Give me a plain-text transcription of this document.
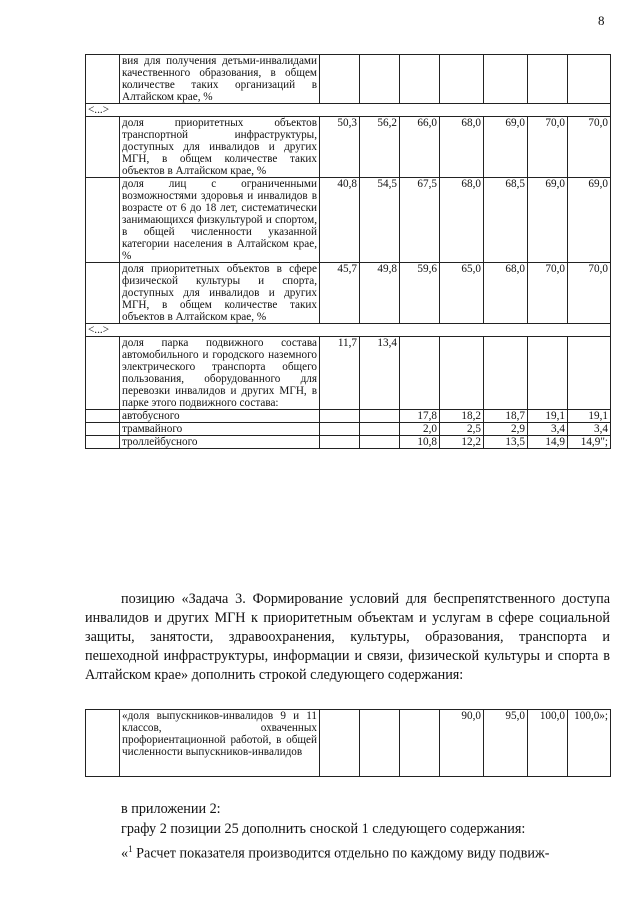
8
	вия для получения детьми-инвалидами качественного образования, в общем количестве таких организаций в Алтайском крае, %							
<...>								
	доля приоритетных объектов транспортной инфраструктуры, доступных для инвалидов и других МГН, в общем количестве таких объектов в Алтайском крае, %	50,3	56,2	66,0	68,0	69,0	70,0	70,0
	доля лиц с ограниченными возможностями здоровья и инвалидов в возрасте от 6 до 18 лет, систематически занимающихся физкультурой и спортом, в общей численности указанной категории населения в Алтайском крае, %	40,8	54,5	67,5	68,0	68,5	69,0	69,0
	доля приоритетных объектов в сфере физической культуры и спорта, доступных для инвалидов и других МГН, в общем количестве таких объектов в Алтайском крае, %	45,7	49,8	59,6	65,0	68,0	70,0	70,0
<...>								
	доля парка подвижного состава автомобильного и городского наземного электрического транспорта общего пользования, оборудованного для перевозки инвалидов и других МГН, в парке этого подвижного состава:	11,7	13,4					
	автобусного			17,8	18,2	18,7	19,1	19,1
	трамвайного			2,0	2,5	2,9	3,4	3,4
	троллейбусного			10,8	12,2	13,5	14,9	14,9";
позицию «Задача 3. Формирование условий для беспрепятственного доступа инвалидов и других МГН к приоритетным объектам и услугам в сфере социальной защиты, занятости, здравоохранения, культуры, образования, транспорта и пешеходной инфраструктуры, информации и связи, физической культуры и спорта в Алтайском крае» дополнить строкой следующего содержания:
	«доля выпускников-инвалидов 9 и 11 классов, охваченных профориентационной работой, в общей численности выпускников-инвалидов				90,0	95,0	100,0	100,0»;
в приложении 2:
графу 2 позиции 25 дополнить сноской 1 следующего содержания:
«$^1$ Расчет показателя производится отдельно по каждому виду подвиж-
